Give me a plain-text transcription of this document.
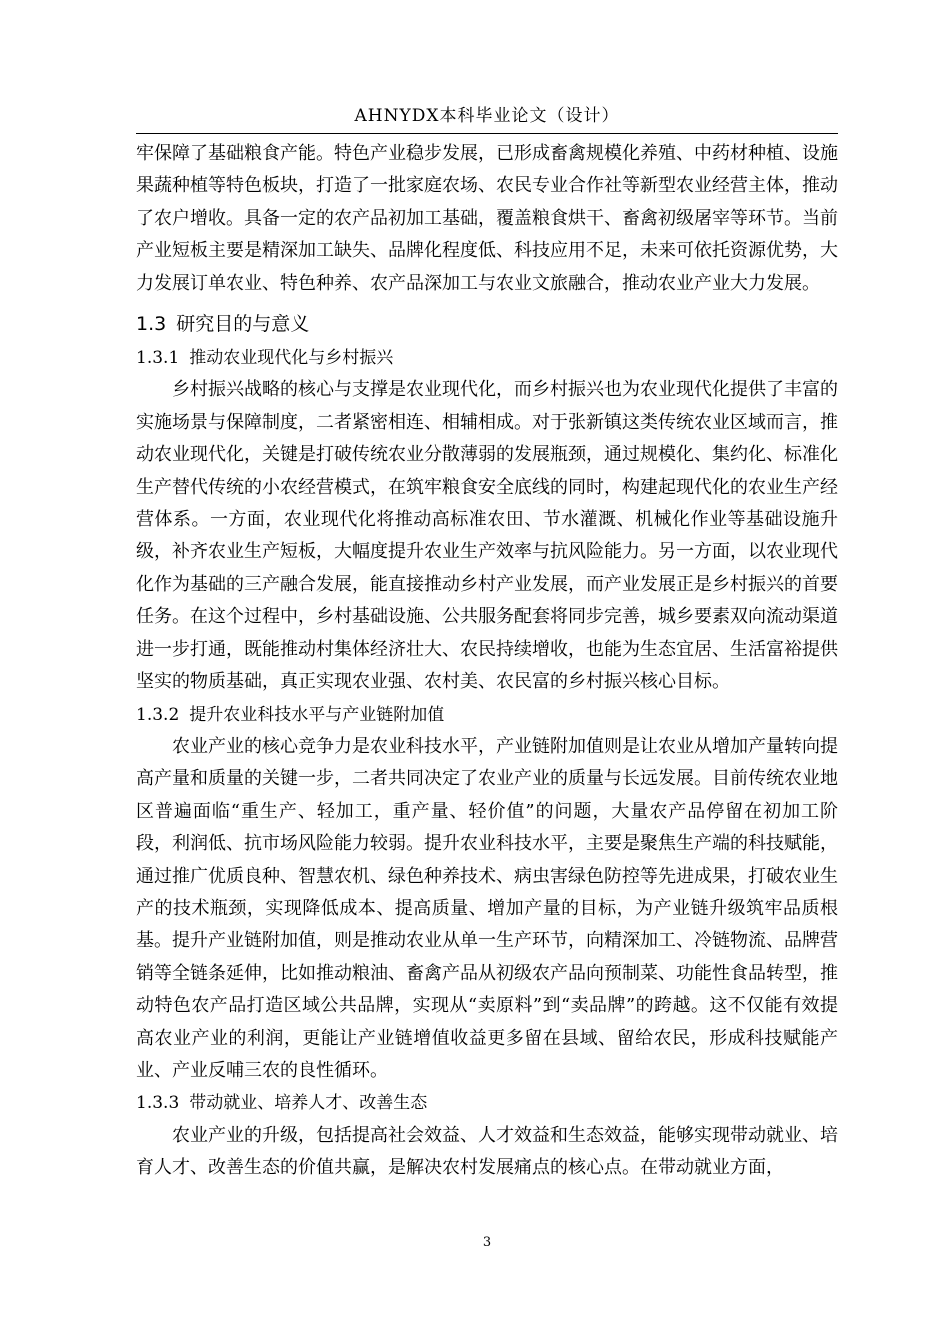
AHNYDX本科毕业论文（设计）

牢保障了基础粮食产能。特色产业稳步发展，已形成畜禽规模化养殖、中药材种植、设施果蔬种植等特色板块，打造了一批家庭农场、农民专业合作社等新型农业经营主体，推动了农户增收。具备一定的农产品初加工基础，覆盖粮食烘干、畜禽初级屠宰等环节。当前产业短板主要是精深加工缺失、品牌化程度低、科技应用不足，未来可依托资源优势，大力发展订单农业、特色种养、农产品深加工与农业文旅融合，推动农业产业大力发展。

1.3 研究目的与意义
1.3.1 推动农业现代化与乡村振兴

乡村振兴战略的核心与支撑是农业现代化，而乡村振兴也为农业现代化提供了丰富的实施场景与保障制度，二者紧密相连、相辅相成。对于张新镇这类传统农业区域而言，推动农业现代化，关键是打破传统农业分散薄弱的发展瓶颈，通过规模化、集约化、标准化生产替代传统的小农经营模式，在筑牢粮食安全底线的同时，构建起现代化的农业生产经营体系。一方面，农业现代化将推动高标准农田、节水灌溉、机械化作业等基础设施升级，补齐农业生产短板，大幅度提升农业生产效率与抗风险能力。另一方面，以农业现代化作为基础的三产融合发展，能直接推动乡村产业发展，而产业发展正是乡村振兴的首要任务。在这个过程中，乡村基础设施、公共服务配套将同步完善，城乡要素双向流动渠道进一步打通，既能推动村集体经济壮大、农民持续增收，也能为生态宜居、生活富裕提供坚实的物质基础，真正实现农业强、农村美、农民富的乡村振兴核心目标。

1.3.2 提升农业科技水平与产业链附加值

农业产业的核心竞争力是农业科技水平，产业链附加值则是让农业从增加产量转向提高产量和质量的关键一步，二者共同决定了农业产业的质量与长远发展。目前传统农业地区普遍面临“重生产、轻加工，重产量、轻价值”的问题，大量农产品停留在初加工阶段，利润低、抗市场风险能力较弱。提升农业科技水平，主要是聚焦生产端的科技赋能，通过推广优质良种、智慧农机、绿色种养技术、病虫害绿色防控等先进成果，打破农业生产的技术瓶颈，实现降低成本、提高质量、增加产量的目标，为产业链升级筑牢品质根基。提升产业链附加值，则是推动农业从单一生产环节，向精深加工、冷链物流、品牌营销等全链条延伸，比如推动粮油、畜禽产品从初级农产品向预制菜、功能性食品转型，推动特色农产品打造区域公共品牌，实现从“卖原料”到“卖品牌”的跨越。这不仅能有效提高农业产业的利润，更能让产业链增值收益更多留在县域、留给农民，形成科技赋能产业、产业反哺三农的良性循环。

1.3.3 带动就业、培养人才、改善生态

农业产业的升级，包括提高社会效益、人才效益和生态效益，能够实现带动就业、培育人才、改善生态的价值共赢，是解决农村发展痛点的核心点。在带动就业方面，

3
